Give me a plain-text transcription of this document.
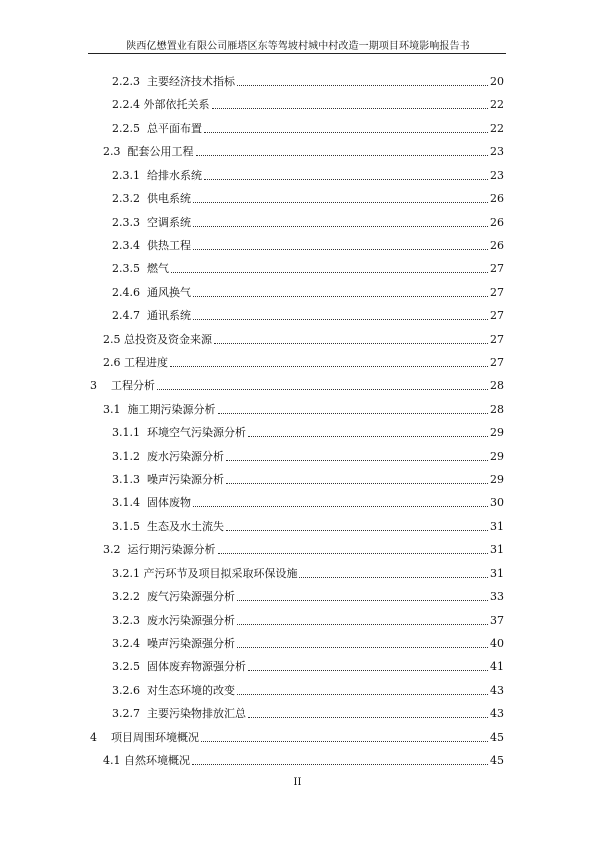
陕西亿懋置业有限公司雁塔区东等驾坡村城中村改造一期项目环境影响报告书
2.2.3  主要经济技术指标	20
2.2.4 外部依托关系	22
2.2.5  总平面布置	22
2.3  配套公用工程	23
2.3.1  给排水系统	23
2.3.2  供电系统	26
2.3.3  空调系统	26
2.3.4  供热工程	26
2.3.5  燃气	27
2.4.6  通风换气	27
2.4.7  通讯系统	27
2.5 总投资及资金来源	27
2.6 工程进度	27
3    工程分析	28
3.1  施工期污染源分析	28
3.1.1  环境空气污染源分析	29
3.1.2  废水污染源分析	29
3.1.3  噪声污染源分析	29
3.1.4  固体废物	30
3.1.5  生态及水土流失	31
3.2  运行期污染源分析	31
3.2.1 产污环节及项目拟采取环保设施	31
3.2.2  废气污染源强分析	33
3.2.3  废水污染源强分析	37
3.2.4  噪声污染源强分析	40
3.2.5  固体废弃物源强分析	41
3.2.6  对生态环境的改变	43
3.2.7  主要污染物排放汇总	43
4    项目周围环境概况	45
4.1 自然环境概况	45
II
